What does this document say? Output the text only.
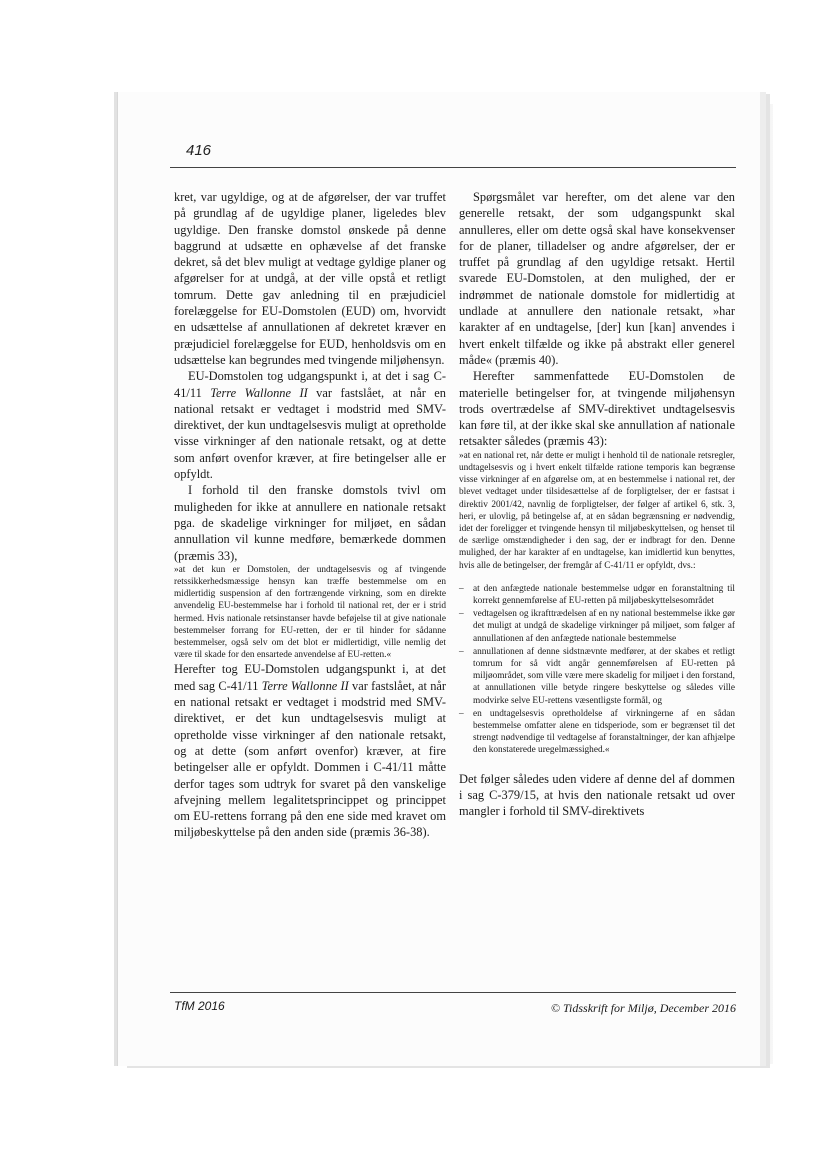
416

kret, var ugyldige, og at de afgørelser, der var truffet på grundlag af de ugyldige planer, ligeledes blev ugyldige. Den franske domstol ønskede på denne baggrund at udsætte en ophævelse af det franske dekret, så det blev muligt at vedtage gyldige planer og afgørelser for at undgå, at der ville opstå et retligt tomrum. Dette gav anledning til en præjudiciel forelæggelse for EU-Domstolen (EUD) om, hvorvidt en udsættelse af annullationen af dekretet kræver en præjudiciel forelæggelse for EUD, henholdsvis om en udsættelse kan begrundes med tvingende miljøhensyn.

EU-Domstolen tog udgangspunkt i, at det i sag C-41/11 Terre Wallonne II var fastslået, at når en national retsakt er vedtaget i modstrid med SMV-direktivet, der kun undtagelsesvis muligt at opretholde visse virkninger af den nationale retsakt, og at dette som anført ovenfor kræver, at fire betingelser alle er opfyldt.

I forhold til den franske domstols tvivl om muligheden for ikke at annullere en nationale retsakt pga. de skadelige virkninger for miljøet, en sådan annullation vil kunne medføre, bemærkede dommen (præmis 33),

»at det kun er Domstolen, der undtagelsesvis og af tvingende retssikkerhedsmæssige hensyn kan træffe bestemmelse om en midlertidig suspension af den fortrængende virkning, som en direkte anvendelig EU-bestemmelse har i forhold til national ret, der er i strid hermed. Hvis nationale retsinstanser havde beføjelse til at give nationale bestemmelser forrang for EU-retten, der er til hinder for sådanne bestemmelser, også selv om det blot er midlertidigt, ville nemlig det være til skade for den ensartede anvendelse af EU-retten.«

Herefter tog EU-Domstolen udgangspunkt i, at det med sag C-41/11 Terre Wallonne II var fastslået, at når en national retsakt er vedtaget i modstrid med SMV-direktivet, er det kun undtagelsesvis muligt at opretholde visse virkninger af den nationale retsakt, og at dette (som anført ovenfor) kræver, at fire betingelser alle er opfyldt. Dommen i C-41/11 måtte derfor tages som udtryk for svaret på den vanskelige afvejning mellem legalitetsprincippet og princippet om EU-rettens forrang på den ene side med kravet om miljøbeskyttelse på den anden side (præmis 36-38).

Spørgsmålet var herefter, om det alene var den generelle retsakt, der som udgangspunkt skal annulleres, eller om dette også skal have konsekvenser for de planer, tilladelser og andre afgørelser, der er truffet på grundlag af den ugyldige retsakt. Hertil svarede EU-Domstolen, at den mulighed, der er indrømmet de nationale domstole for midlertidig at undlade at annullere den nationale retsakt, »har karakter af en undtagelse, [der] kun [kan] anvendes i hvert enkelt tilfælde og ikke på abstrakt eller generel måde« (præmis 40).

Herefter sammenfattede EU-Domstolen de materielle betingelser for, at tvingende miljøhensyn trods overtrædelse af SMV-direktivet undtagelsesvis kan føre til, at der ikke skal ske annullation af nationale retsakter således (præmis 43):

»at en national ret, når dette er muligt i henhold til de nationale retsregler, undtagelsesvis og i hvert enkelt tilfælde ratione temporis kan begrænse visse virkninger af en afgørelse om, at en bestemmelse i national ret, der blevet vedtaget under tilsidesættelse af de forpligtelser, der er fastsat i direktiv 2001/42, navnlig de forpligtelser, der følger af artikel 6, stk. 3, heri, er ulovlig, på betingelse af, at en sådan begrænsning er nødvendig, idet der foreligger et tvingende hensyn til miljøbeskyttelsen, og henset til de særlige omstændigheder i den sag, der er indbragt for den. Denne mulighed, der har karakter af en undtagelse, kan imidlertid kun benyttes, hvis alle de betingelser, der fremgår af C-41/11 er opfyldt, dvs.:

– at den anfægtede nationale bestemmelse udgør en foranstaltning til korrekt gennemførelse af EU-retten på miljøbeskyttelsesområdet
– vedtagelsen og ikrafttrædelsen af en ny national bestemmelse ikke gør det muligt at undgå de skadelige virkninger på miljøet, som følger af annullationen af den anfægtede nationale bestemmelse
– annullationen af denne sidstnævnte medfører, at der skabes et retligt tomrum for så vidt angår gennemførelsen af EU-retten på miljøområdet, som ville være mere skadelig for miljøet i den forstand, at annullationen ville betyde ringere beskyttelse og således ville modvirke selve EU-rettens væsentligste formål, og
– en undtagelsesvis opretholdelse af virkningerne af en sådan bestemmelse omfatter alene en tidsperiode, som er begrænset til det strengt nødvendige til vedtagelse af foranstaltninger, der kan afhjælpe den konstaterede uregelmæssighed.«

Det følger således uden videre af denne del af dommen i sag C-379/15, at hvis den nationale retsakt ud over mangler i forhold til SMV-direktivets

TfM 2016	© Tidsskrift for Miljø, December 2016
